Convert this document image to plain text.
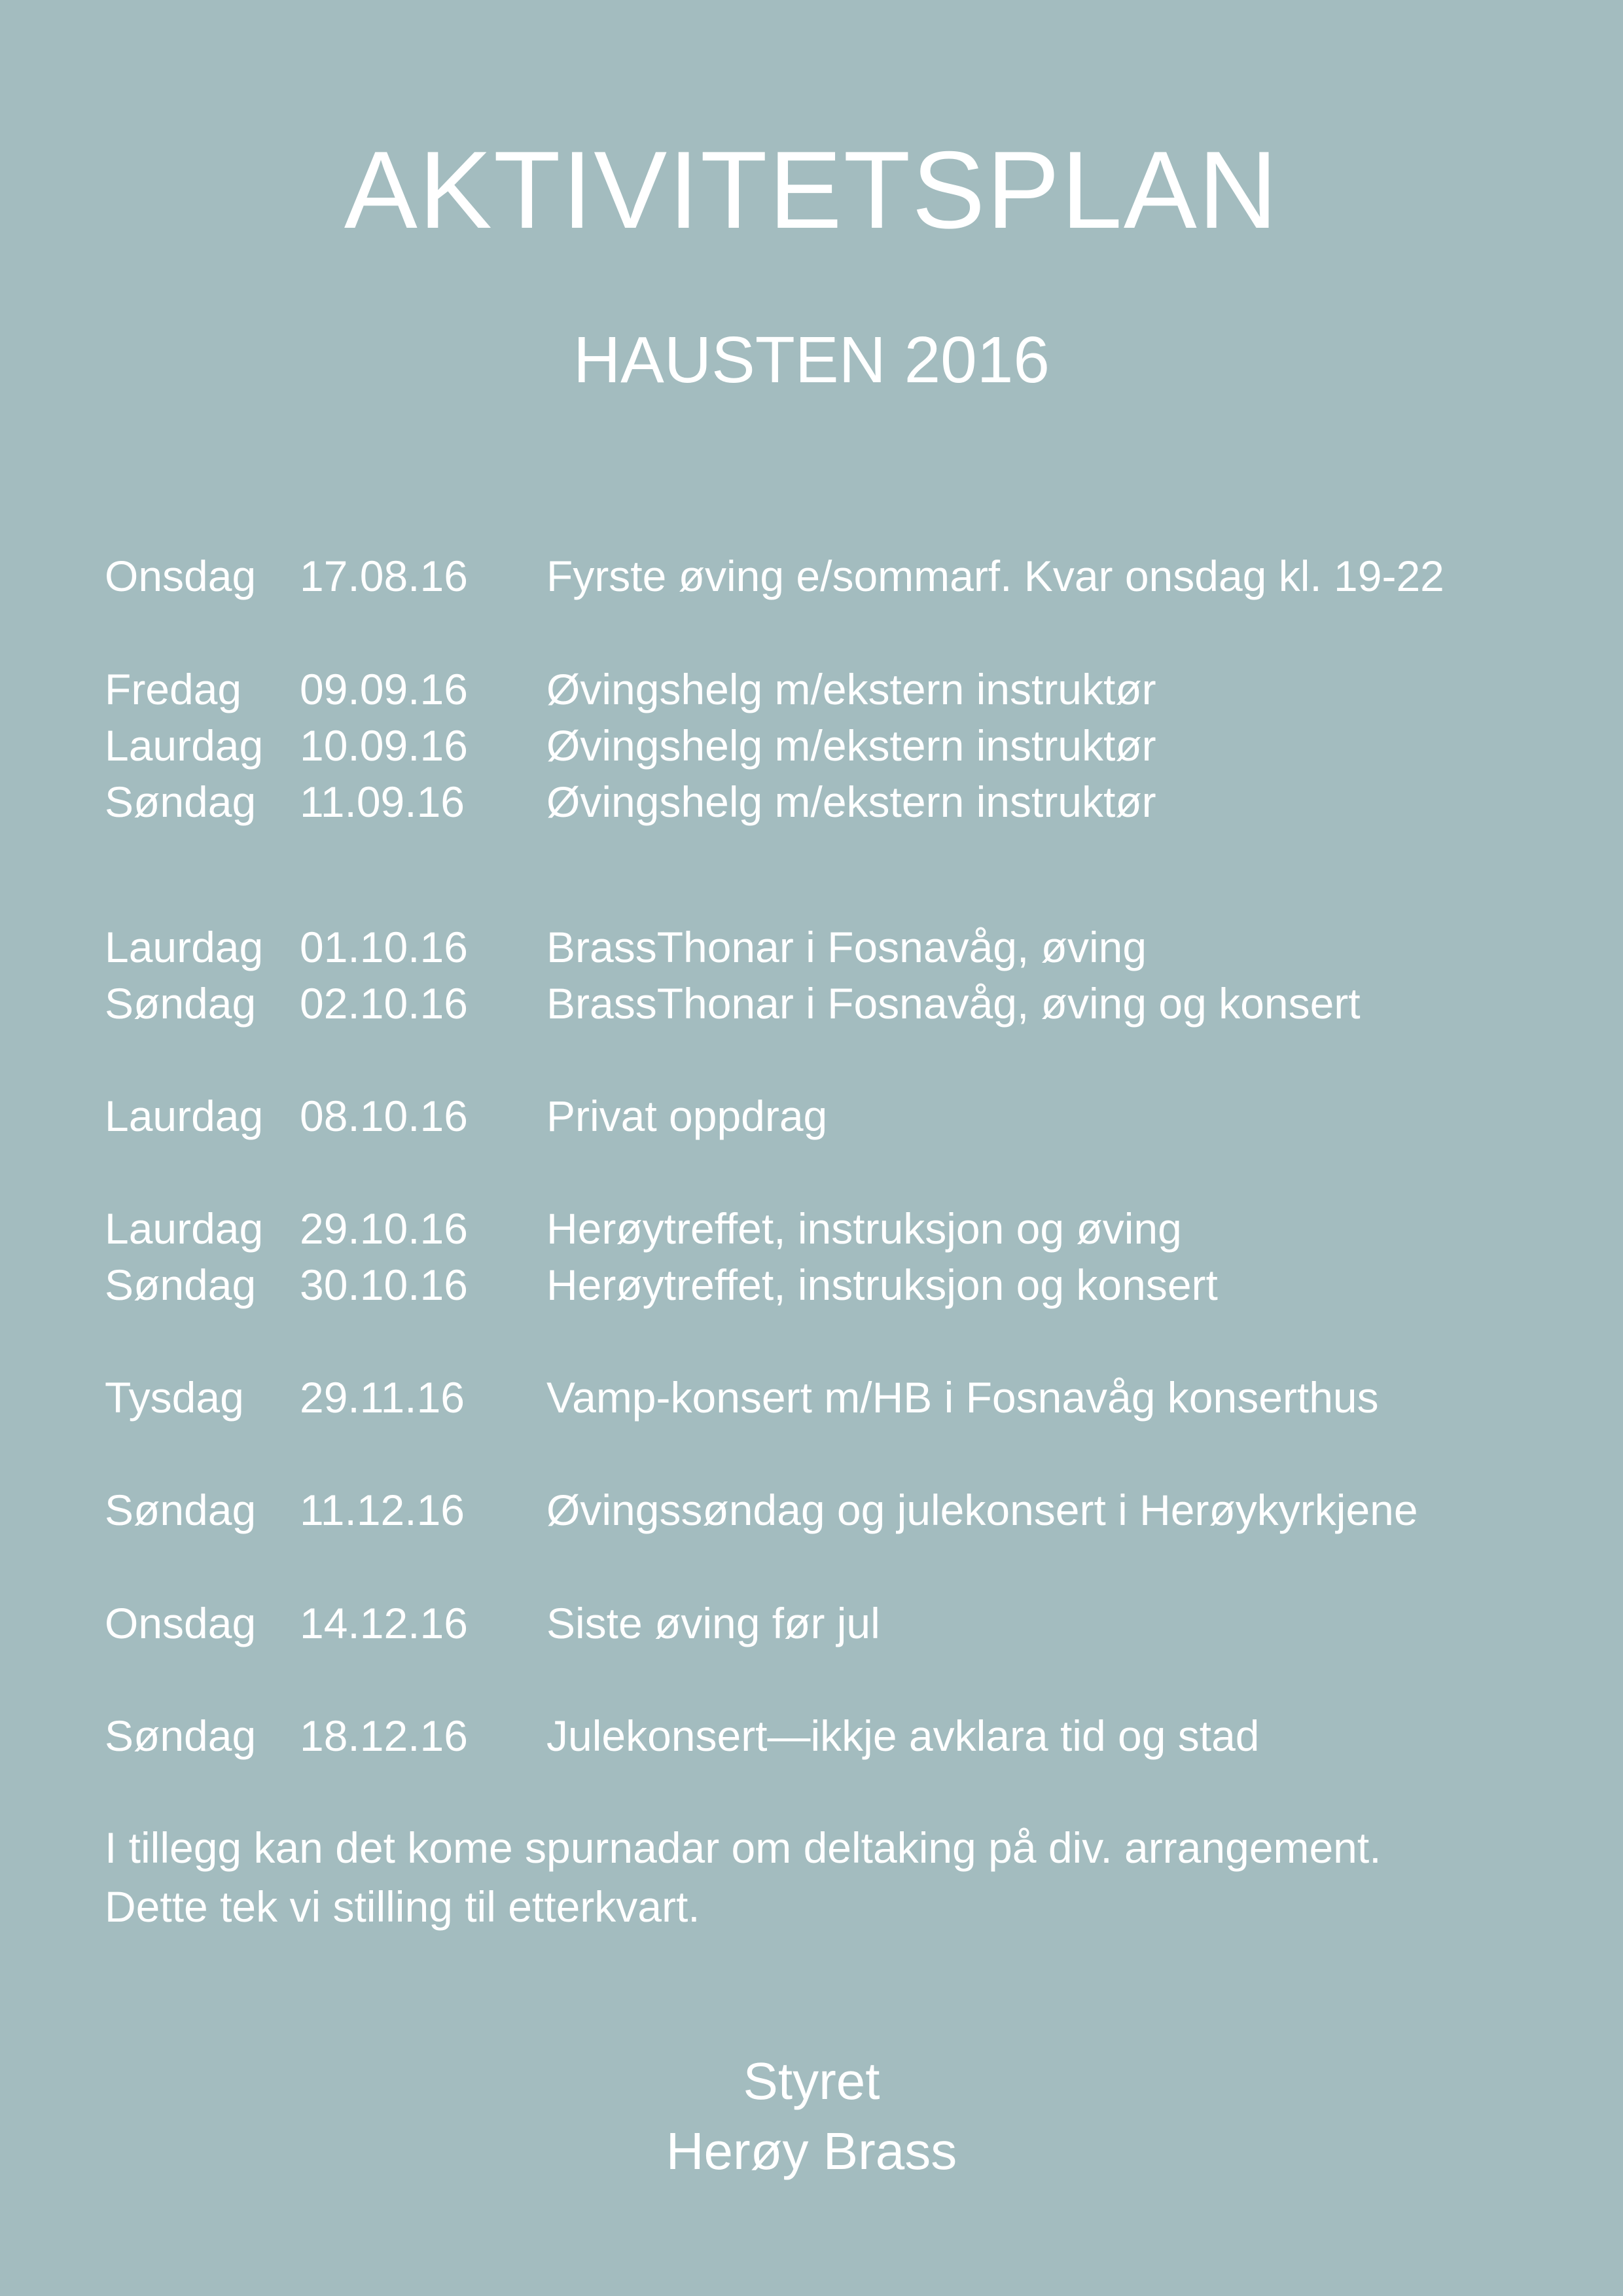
AKTIVITETSPLAN
HAUSTEN 2016
Onsdag 17.08.16 Fyrste øving e/sommarf. Kvar onsdag kl. 19-22
Fredag 09.09.16 Øvingshelg m/ekstern instruktør
Laurdag 10.09.16 Øvingshelg m/ekstern instruktør
Søndag 11.09.16 Øvingshelg m/ekstern instruktør
Laurdag 01.10.16 BrassThonar i Fosnavåg, øving
Søndag 02.10.16 BrassThonar i Fosnavåg, øving og konsert
Laurdag 08.10.16 Privat oppdrag
Laurdag 29.10.16 Herøytreffet, instruksjon og øving
Søndag 30.10.16 Herøytreffet, instruksjon og konsert
Tysdag 29.11.16 Vamp-konsert m/HB i Fosnavåg konserthus
Søndag 11.12.16 Øvingssøndag og julekonsert i Herøykyrkjene
Onsdag 14.12.16 Siste øving før jul
Søndag 18.12.16 Julekonsert—ikkje avklara tid og stad
I tillegg kan det kome spurnadar om deltaking på div. arrangement.
Dette tek vi stilling til etterkvart.
Styret
Herøy Brass
